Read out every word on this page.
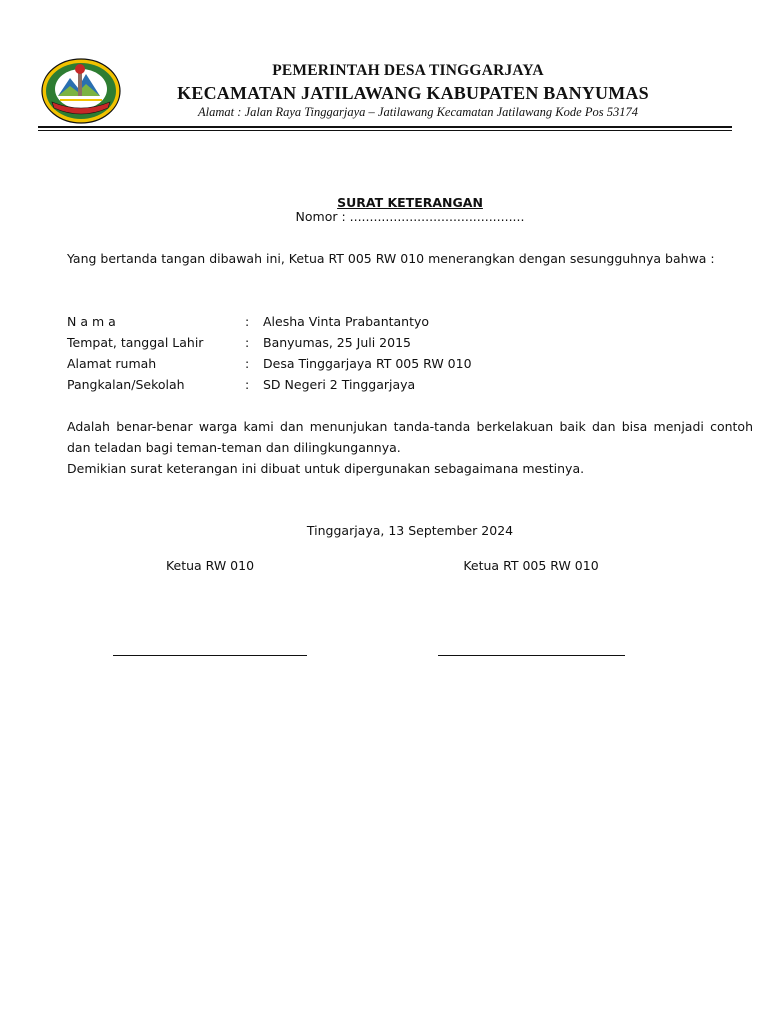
PEMERINTAH DESA TINGGARJAYA
KECAMATAN JATILAWANG KABUPATEN BANYUMAS
Alamat : Jalan Raya Tinggarjaya – Jatilawang Kecamatan Jatilawang Kode Pos 53174
SURAT KETERANGAN
Nomor : ............................................
Yang bertanda tangan dibawah ini, Ketua RT 005 RW 010 menerangkan dengan sesungguhnya bahwa :
N a m a	: Alesha Vinta Prabantantyo
Tempat, tanggal Lahir	: Banyumas, 25 Juli 2015
Alamat rumah	: Desa Tinggarjaya RT 005 RW 010
Pangkalan/Sekolah	: SD Negeri 2 Tinggarjaya
Adalah benar-benar warga kami dan menunjukan tanda-tanda berkelakuan baik dan bisa menjadi contoh dan teladan bagi teman-teman dan dilingkungannya.
Demikian surat keterangan ini dibuat untuk dipergunakan sebagaimana mestinya.
Tinggarjaya, 13 September 2024
Ketua RW 010	Ketua RT 005 RW 010
